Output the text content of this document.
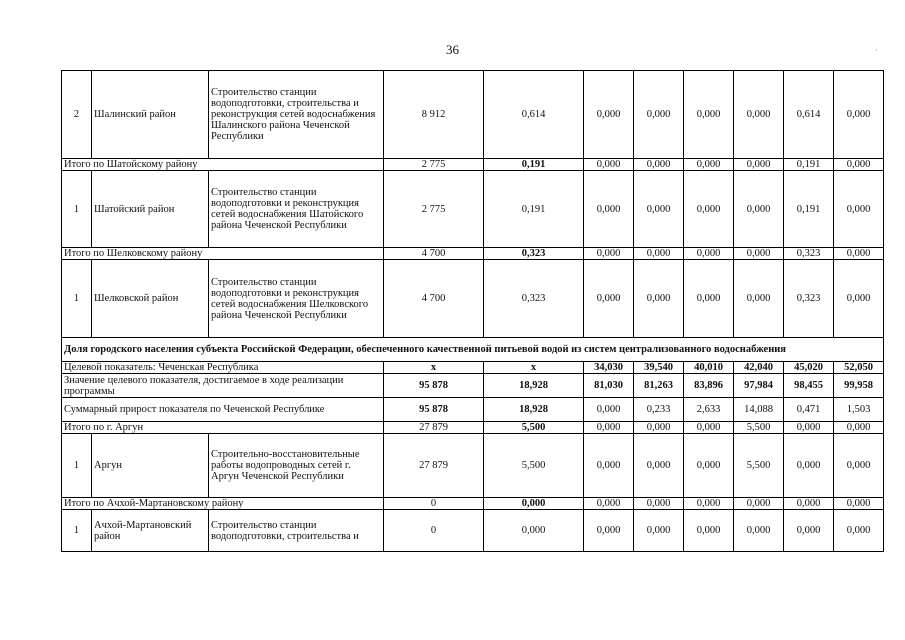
36	·
2	Шалинский район	Строительство станции водоподготовки, строительства и реконструкция сетей водоснабжения Шалинского района Чеченской Республики	8 912	0,614	0,000	0,000	0,000	0,000	0,614	0,000
Итого по Шатойскому району			2 775	0,191	0,000	0,000	0,000	0,000	0,191	0,000
1	Шатойский район	Строительство станции водоподготовки и реконструкция сетей водоснабжения Шатойского района Чеченской Республики	2 775	0,191	0,000	0,000	0,000	0,000	0,191	0,000
Итого по Шелковскому району			4 700	0,323	0,000	0,000	0,000	0,000	0,323	0,000
1	Шелковской район	Строительство станции водоподготовки и реконструкция сетей водоснабжения Шелковского района Чеченской Республики	4 700	0,323	0,000	0,000	0,000	0,000	0,323	0,000
Доля городского населения субъекта Российской Федерации, обеспеченного качественной питьевой водой из систем централизованного водоснабжения										
Целевой показатель: Чеченская Республика			x	x	34,030	39,540	40,010	42,040	45,020	52,050
Значение целевого показателя, достигаемое в ходе реализации программы			95 878	18,928	81,030	81,263	83,896	97,984	98,455	99,958
Суммарный прирост показателя по Чеченской Республике			95 878	18,928	0,000	0,233	2,633	14,088	0,471	1,503
Итого по г. Аргун			27 879	5,500	0,000	0,000	0,000	5,500	0,000	0,000
1	Аргун	Строительно-восстановительные работы водопроводных сетей г. Аргун Чеченской Республики	27 879	5,500	0,000	0,000	0,000	5,500	0,000	0,000
Итого по Ачхой-Мартановскому району			0	0,000	0,000	0,000	0,000	0,000	0,000	0,000
1	Ачхой-Мартановский район	Строительство станции водоподготовки, строительства и	0	0,000	0,000	0,000	0,000	0,000	0,000	0,000
